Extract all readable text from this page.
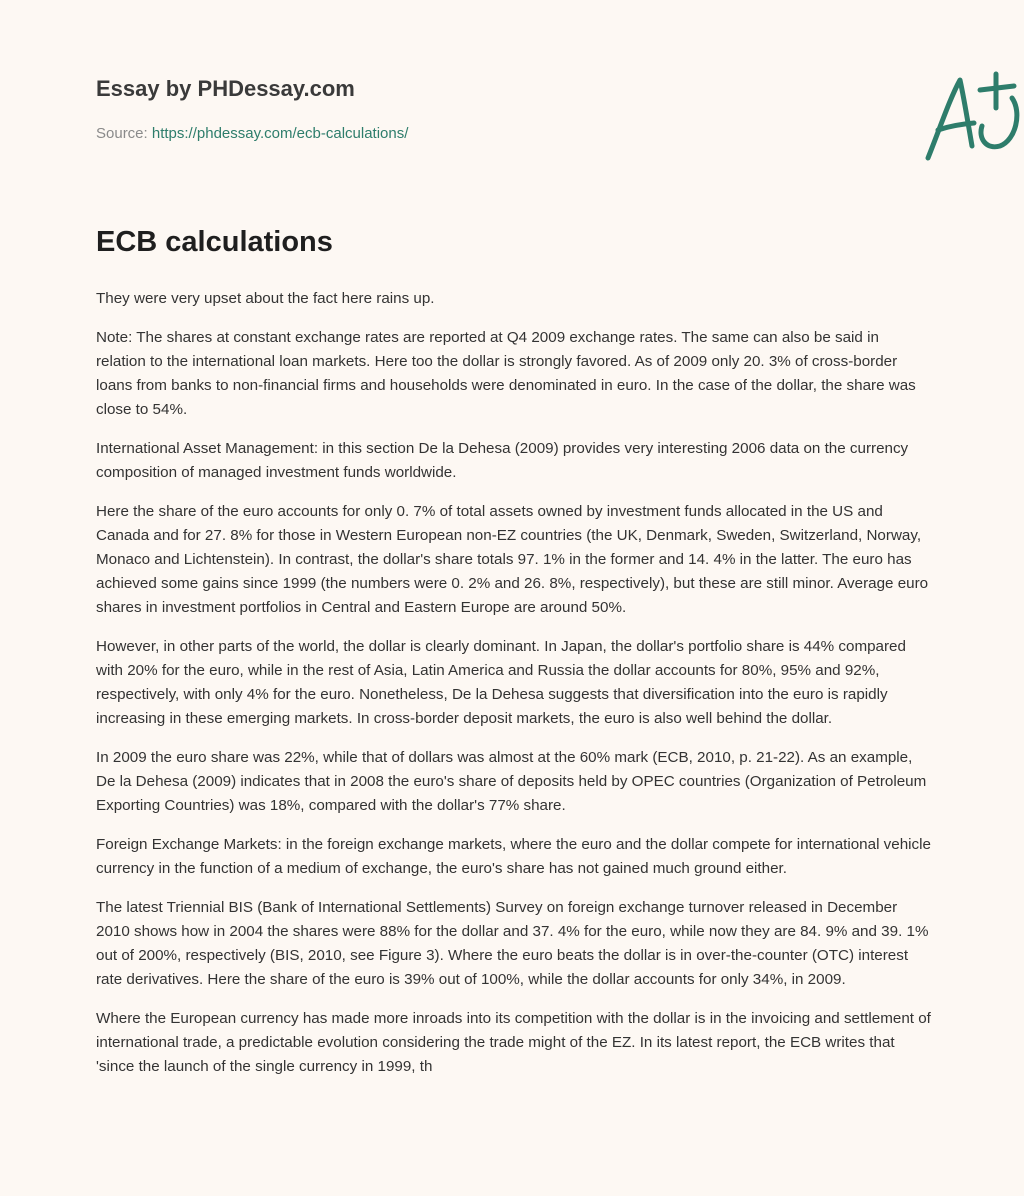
Essay by PHDessay.com
Source: https://phdessay.com/ecb-calculations/
ECB calculations

They were very upset about the fact here rains up.

Note: The shares at constant exchange rates are reported at Q4 2009 exchange rates. The same can also be said in relation to the international loan markets. Here too the dollar is strongly favored. As of 2009 only 20. 3% of cross-border loans from banks to non-financial firms and households were denominated in euro. In the case of the dollar, the share was close to 54%.

International Asset Management: in this section De la Dehesa (2009) provides very interesting 2006 data on the currency composition of managed investment funds worldwide.

Here the share of the euro accounts for only 0. 7% of total assets owned by investment funds allocated in the US and Canada and for 27. 8% for those in Western European non-EZ countries (the UK, Denmark, Sweden, Switzerland, Norway, Monaco and Lichtenstein). In contrast, the dollar's share totals 97. 1% in the former and 14. 4% in the latter. The euro has achieved some gains since 1999 (the numbers were 0. 2% and 26. 8%, respectively), but these are still minor. Average euro shares in investment portfolios in Central and Eastern Europe are around 50%.

However, in other parts of the world, the dollar is clearly dominant. In Japan, the dollar's portfolio share is 44% compared with 20% for the euro, while in the rest of Asia, Latin America and Russia the dollar accounts for 80%, 95% and 92%, respectively, with only 4% for the euro. Nonetheless, De la Dehesa suggests that diversification into the euro is rapidly increasing in these emerging markets. In cross-border deposit markets, the euro is also well behind the dollar.

In 2009 the euro share was 22%, while that of dollars was almost at the 60% mark (ECB, 2010, p. 21-22). As an example, De la Dehesa (2009) indicates that in 2008 the euro's share of deposits held by OPEC countries (Organization of Petroleum Exporting Countries) was 18%, compared with the dollar's 77% share.

Foreign Exchange Markets: in the foreign exchange markets, where the euro and the dollar compete for international vehicle currency in the function of a medium of exchange, the euro's share has not gained much ground either.

The latest Triennial BIS (Bank of International Settlements) Survey on foreign exchange turnover released in December 2010 shows how in 2004 the shares were 88% for the dollar and 37. 4% for the euro, while now they are 84. 9% and 39. 1% out of 200%, respectively (BIS, 2010, see Figure 3). Where the euro beats the dollar is in over-the-counter (OTC) interest rate derivatives. Here the share of the euro is 39% out of 100%, while the dollar accounts for only 34%, in 2009.

Where the European currency has made more inroads into its competition with the dollar is in the invoicing and settlement of international trade, a predictable evolution considering the trade might of the EZ. In its latest report, the ECB writes that 'since the launch of the single currency in 1999, th
